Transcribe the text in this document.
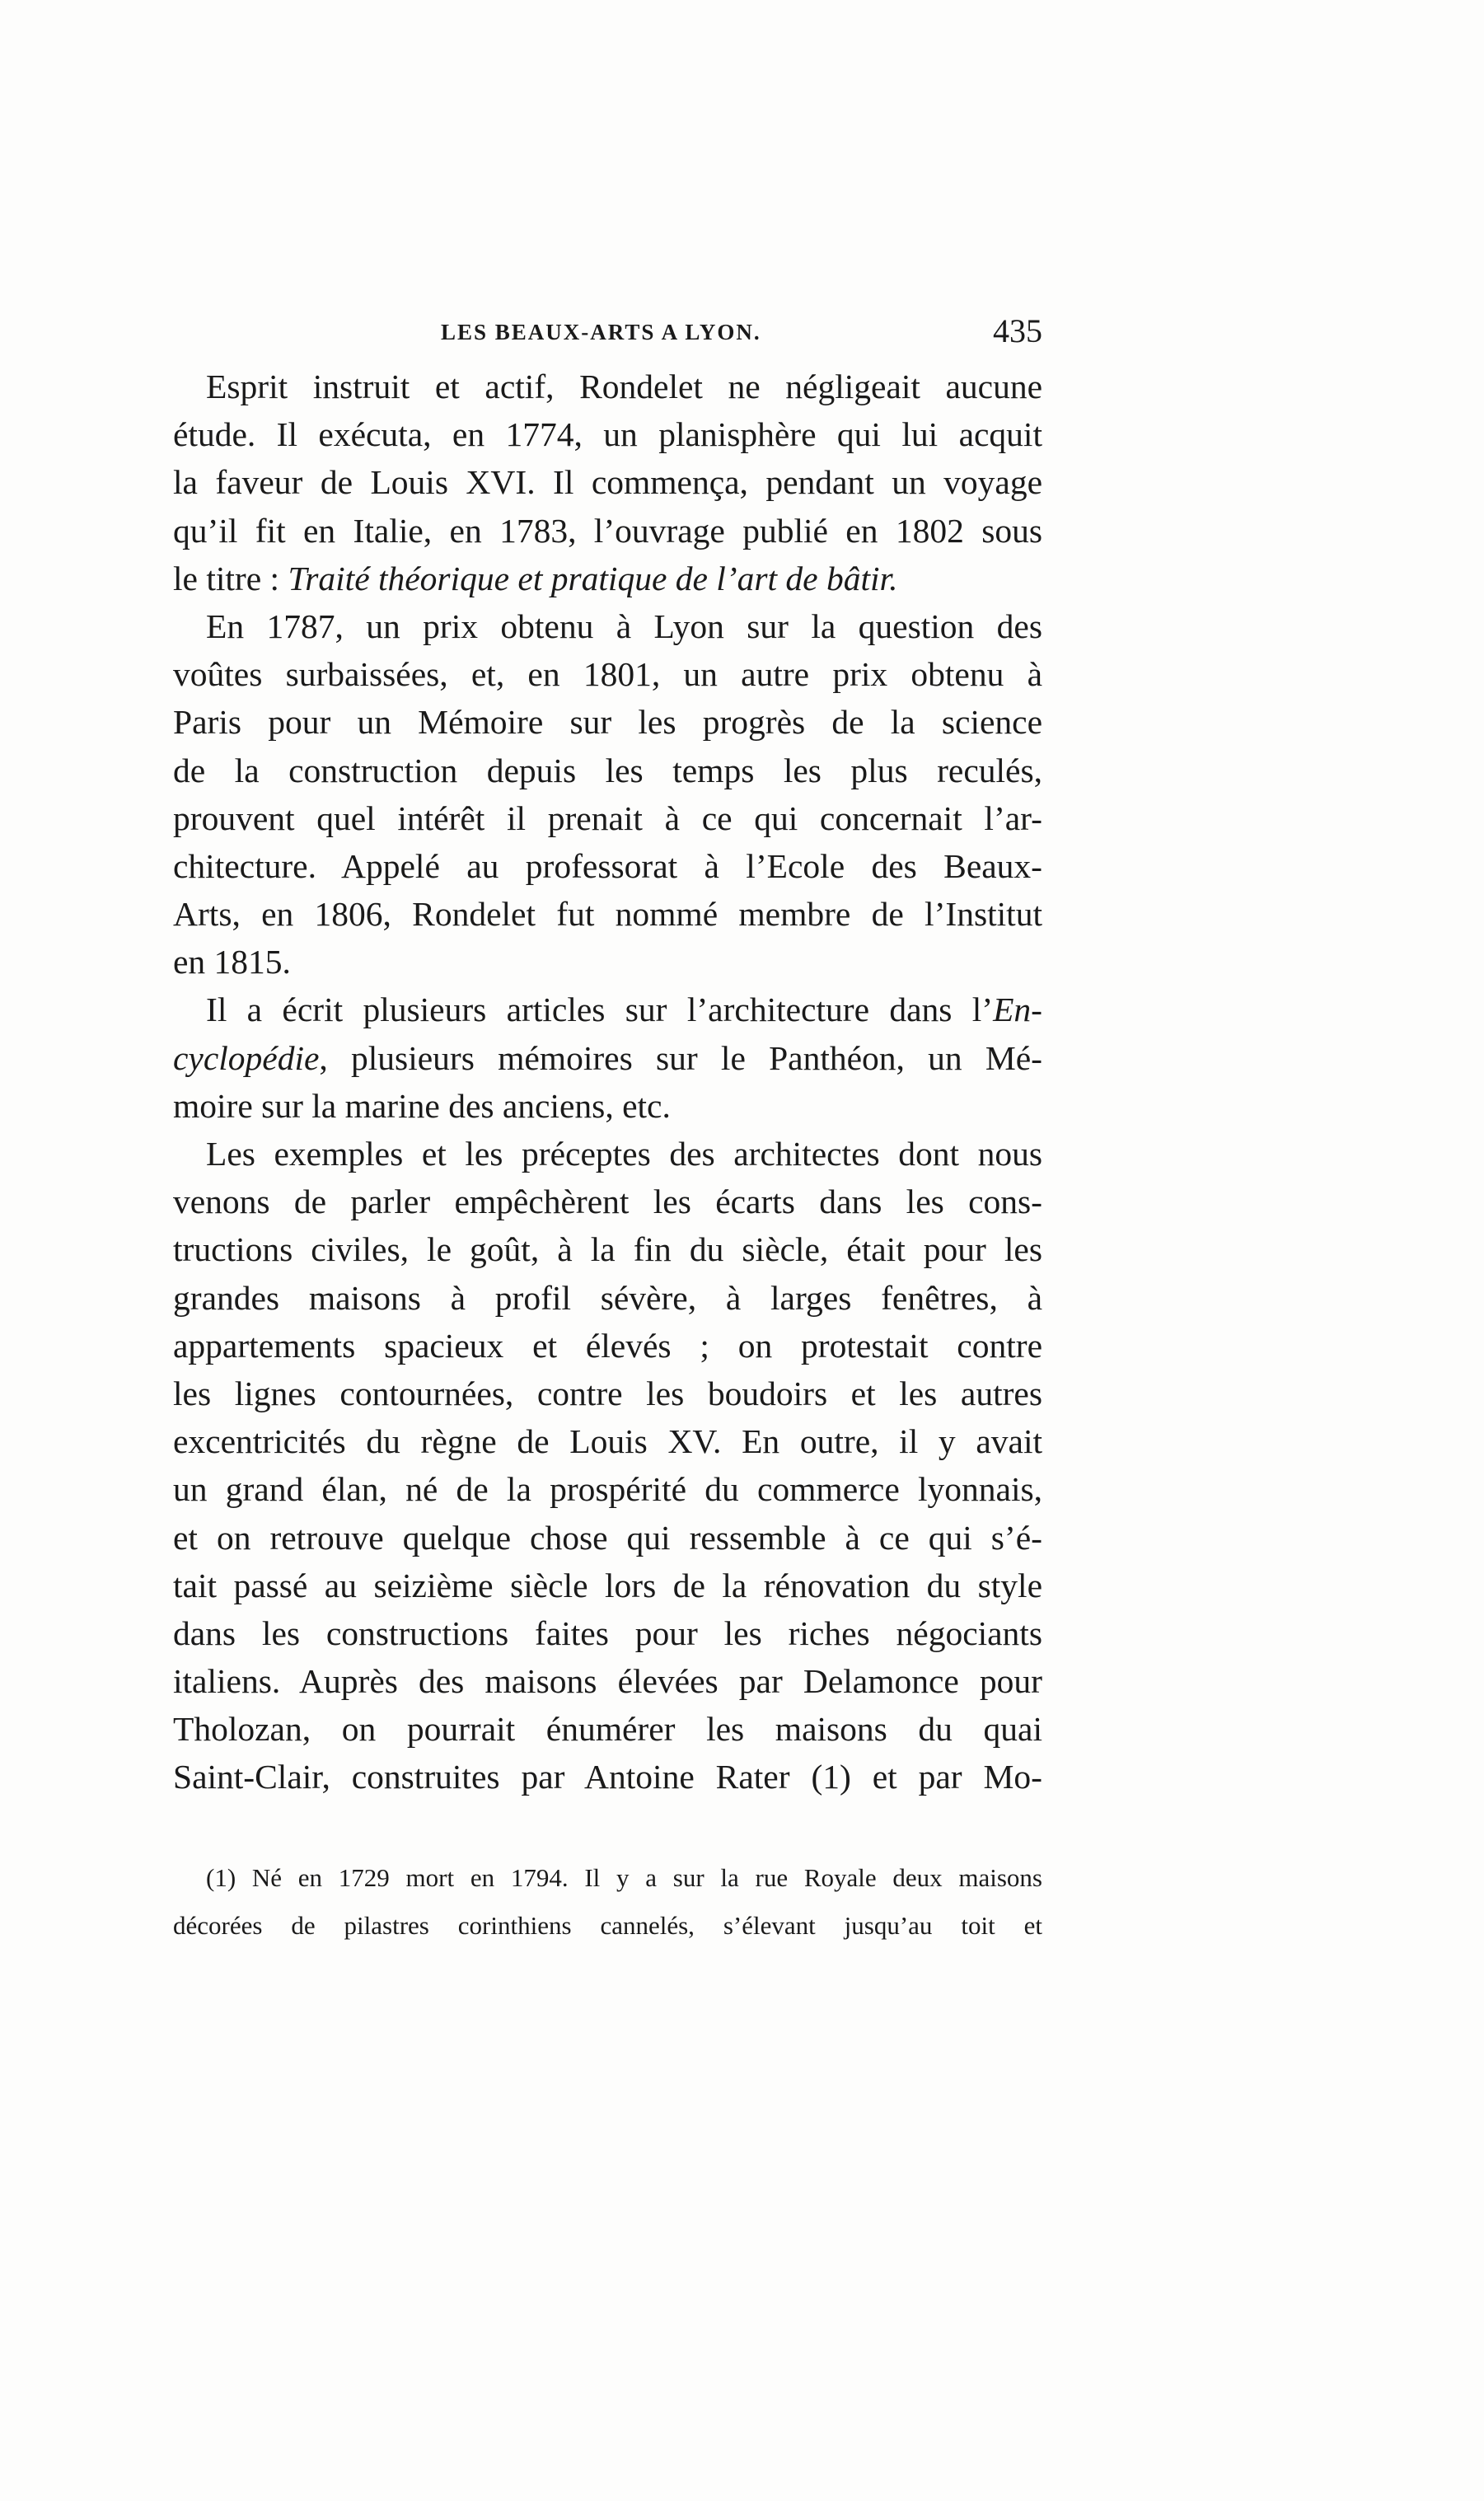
LES BEAUX-ARTS A LYON.	435
Esprit instruit et actif, Rondelet ne négligeait aucune
étude. Il exécuta, en 1774, un planisphère qui lui acquit
la faveur de Louis XVI. Il commença, pendant un voyage
qu’il fit en Italie, en 1783, l’ouvrage publié en 1802 sous
le titre : Traité théorique et pratique de l’art de bâtir.
En 1787, un prix obtenu à Lyon sur la question des
voûtes surbaissées, et, en 1801, un autre prix obtenu à
Paris pour un Mémoire sur les progrès de la science
de la construction depuis les temps les plus reculés,
prouvent quel intérêt il prenait à ce qui concernait l’ar-
chitecture. Appelé au professorat à l’Ecole des Beaux-
Arts, en 1806, Rondelet fut nommé membre de l’Institut
en 1815.
Il a écrit plusieurs articles sur l’architecture dans l’En-
cyclopédie, plusieurs mémoires sur le Panthéon, un Mé-
moire sur la marine des anciens, etc.
Les exemples et les préceptes des architectes dont nous
venons de parler empêchèrent les écarts dans les cons-
tructions civiles, le goût, à la fin du siècle, était pour les
grandes maisons à profil sévère, à larges fenêtres, à
appartements spacieux et élevés ; on protestait contre
les lignes contournées, contre les boudoirs et les autres
excentricités du règne de Louis XV. En outre, il y avait
un grand élan, né de la prospérité du commerce lyonnais,
et on retrouve quelque chose qui ressemble à ce qui s’é-
tait passé au seizième siècle lors de la rénovation du style
dans les constructions faites pour les riches négociants
italiens. Auprès des maisons élevées par Delamonce pour
Tholozan, on pourrait énumérer les maisons du quai
Saint-Clair, construites par Antoine Rater (1) et par Mo-
(1) Né en 1729 mort en 1794. Il y a sur la rue Royale deux maisons
décorées de pilastres corinthiens cannelés, s’élevant jusqu’au toit et
